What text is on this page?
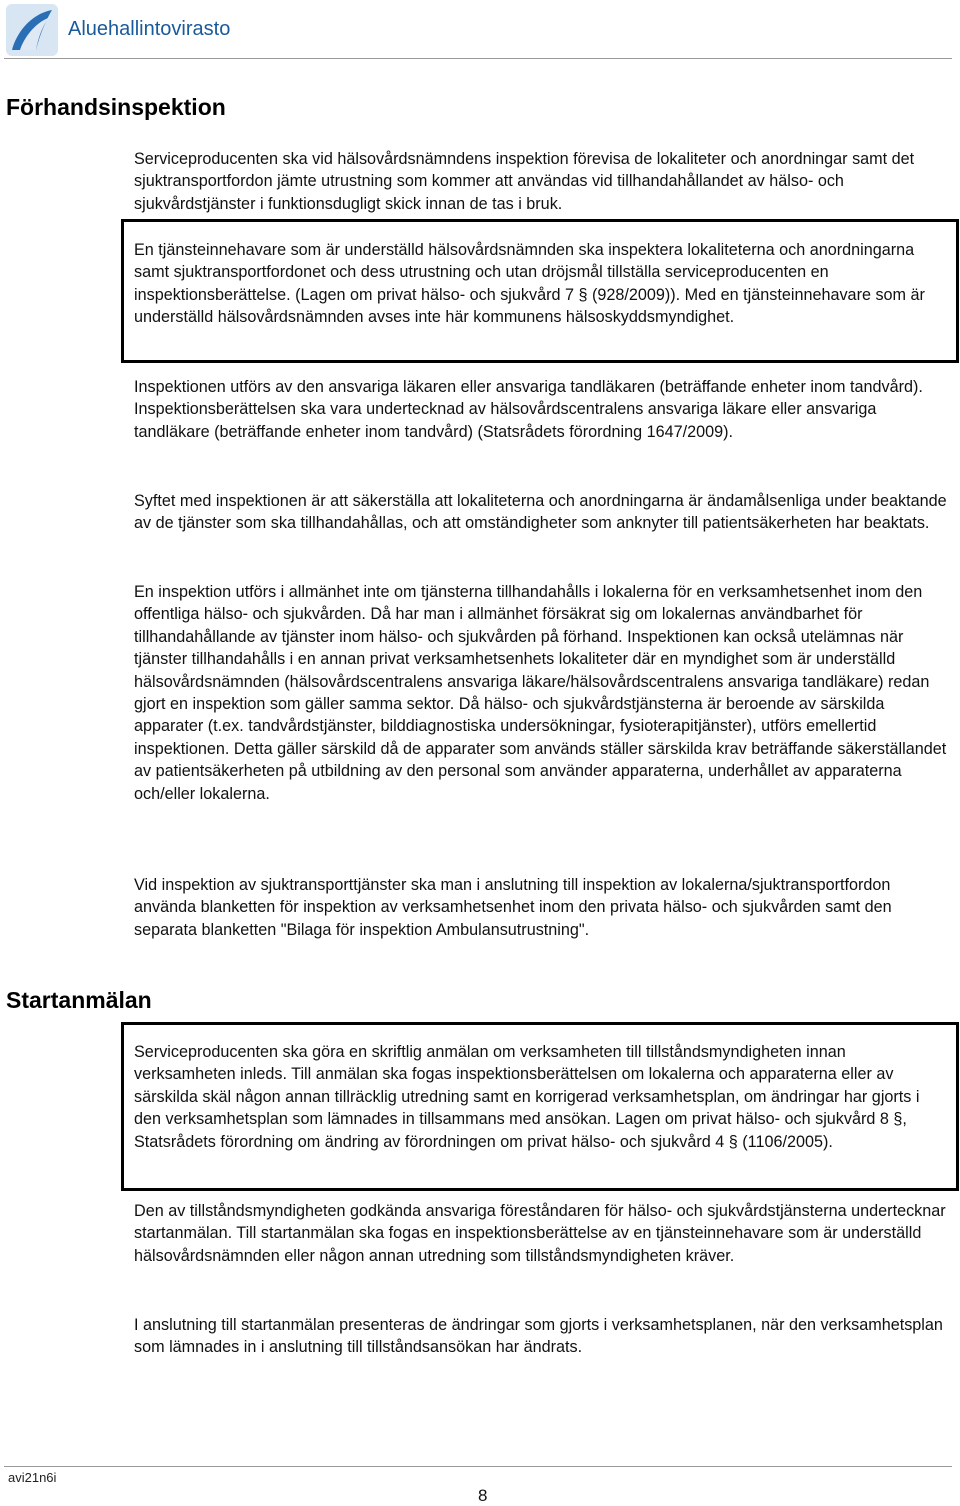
Aluehallintovirasto
Förhandsinspektion
Serviceproducenten ska vid hälsovårdsnämndens inspektion förevisa de lokaliteter och anordningar samt det sjuktransportfordon jämte utrustning som kommer att användas vid tillhandahållandet av hälso- och sjukvårdstjänster i funktionsdugligt skick innan de tas i bruk.
En tjänsteinnehavare som är underställd hälsovårdsnämnden ska inspektera lokaliteterna och anordningarna samt sjuktransportfordonet och dess utrustning och utan dröjsmål tillställa serviceproducenten en inspektionsberättelse. (Lagen om privat hälso- och sjukvård 7 § (928/2009)). Med en tjänsteinnehavare som är underställd hälsovårdsnämnden avses inte här kommunens hälsoskyddsmyndighet.
Inspektionen utförs av den ansvariga läkaren eller ansvariga tandläkaren (beträffande enheter inom tandvård). Inspektionsberättelsen ska vara undertecknad av hälsovårdscentralens ansvariga läkare eller ansvariga tandläkare (beträffande enheter inom tandvård) (Statsrådets förordning 1647/2009).
Syftet med inspektionen är att säkerställa att lokaliteterna och anordningarna är ändamålsenliga under beaktande av de tjänster som ska tillhandahållas, och att omständigheter som anknyter till patientsäkerheten har beaktats.
En inspektion utförs i allmänhet inte om tjänsterna tillhandahålls i lokalerna för en verksamhetsenhet inom den offentliga hälso- och sjukvården. Då har man i allmänhet försäkrat sig om lokalernas användbarhet för tillhandahållande av tjänster inom hälso- och sjukvården på förhand. Inspektionen kan också utelämnas när tjänster tillhandahålls i en annan privat verksamhetsenhets lokaliteter där en myndighet som är underställd hälsovårdsnämnden (hälsovårdscentralens ansvariga läkare/hälsovårdscentralens ansvariga tandläkare) redan gjort en inspektion som gäller samma sektor. Då hälso- och sjukvårdstjänsterna är beroende av särskilda apparater (t.ex. tandvårdstjänster, bilddiagnostiska undersökningar, fysioterapitjänster), utförs emellertid inspektionen. Detta gäller särskild då de apparater som används ställer särskilda krav beträffande säkerställandet av patientsäkerheten på utbildning av den personal som använder apparaterna, underhållet av apparaterna och/eller lokalerna.
Vid inspektion av sjuktransporttjänster ska man i anslutning till inspektion av lokalerna/sjuktransportfordon använda blanketten för inspektion av verksamhetsenhet inom den privata hälso- och sjukvården samt den separata blanketten "Bilaga för inspektion Ambulansutrustning".
Startanmälan
Serviceproducenten ska göra en skriftlig anmälan om verksamheten till tillståndsmyndigheten innan verksamheten inleds. Till anmälan ska fogas inspektionsberättelsen om lokalerna och apparaterna eller av särskilda skäl någon annan tillräcklig utredning samt en korrigerad verksamhetsplan, om ändringar har gjorts i den verksamhetsplan som lämnades in tillsammans med ansökan. Lagen om privat hälso- och sjukvård 8 §, Statsrådets förordning om ändring av förordningen om privat hälso- och sjukvård 4 § (1106/2005).
Den av tillståndsmyndigheten godkända ansvariga föreståndaren för hälso- och sjukvårdstjänsterna undertecknar startanmälan. Till startanmälan ska fogas en inspektionsberättelse av en tjänsteinnehavare som är underställd hälsovårdsnämnden eller någon annan utredning som tillståndsmyndigheten kräver.
I anslutning till startanmälan presenteras de ändringar som gjorts i verksamhetsplanen, när den verksamhetsplan som lämnades in i anslutning till tillståndsansökan har ändrats.
avi21n6i
8
